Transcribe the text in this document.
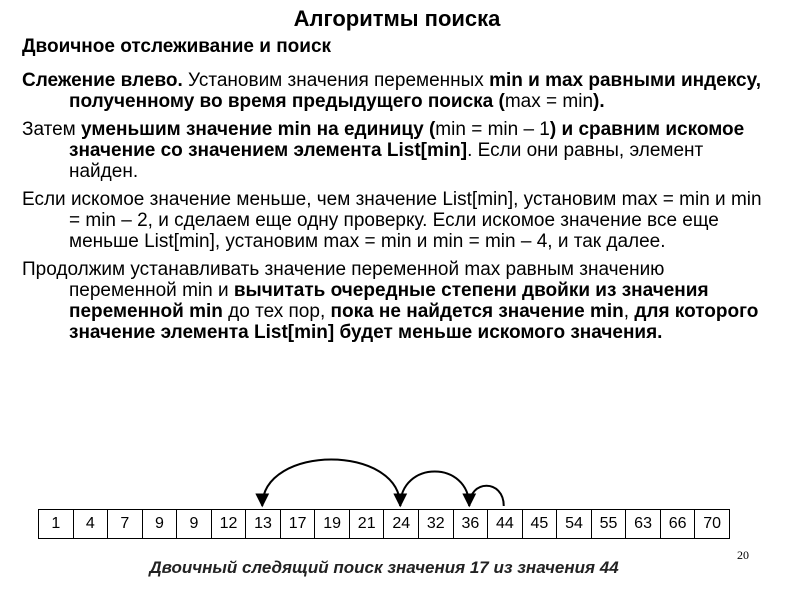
Алгоритмы поиска
Двоичное отслеживание и поиск

Слежение влево. Установим значения переменных min и max равными индексу, полученному во время предыдущего поиска (max = min).

Затем уменьшим значение min на единицу (min = min – 1) и сравним искомое значение со значением элемента List[min]. Если они равны, элемент найден.

Если искомое значение меньше, чем значение List[min], установим max = min и min = min – 2, и сделаем еще одну проверку. Если искомое значение все еще меньше List[min], установим max = min и min = min – 4, и так далее.

Продолжим устанавливать значение переменной max равным значению переменной min и вычитать очередные степени двойки из значения переменной min до тех пор, пока не найдется значение min, для которого значение элемента List[min] будет меньше искомого значения.

1	4	7	9	9	12	13	17	19	21	24	32	36	44	45	54	55	63	66	70
Двоичный следящий поиск значения 17 из значения 44
20
